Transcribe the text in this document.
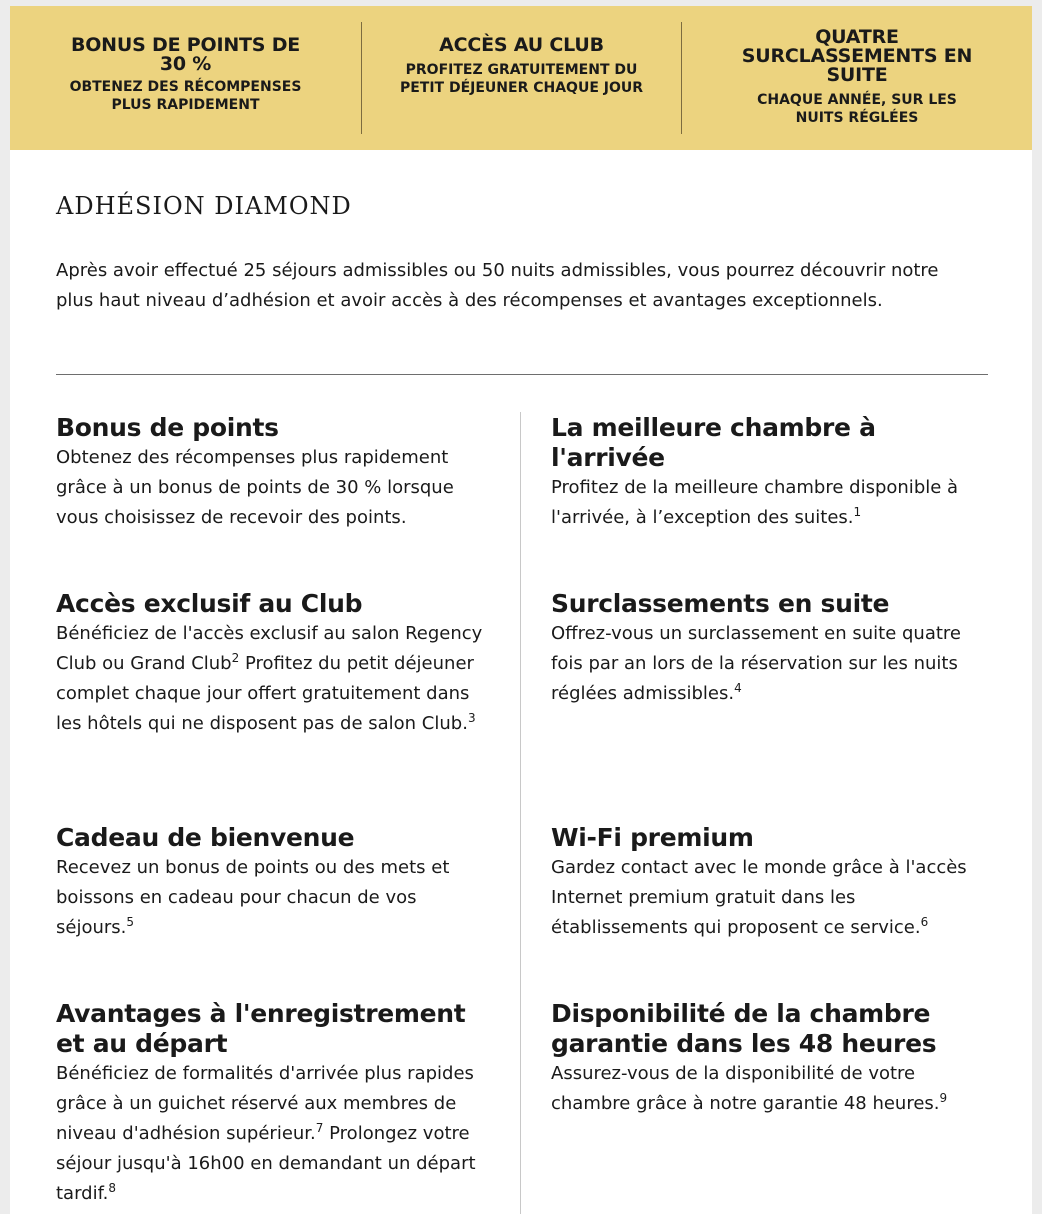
BONUS DE POINTS DE 30 %
OBTENEZ DES RÉCOMPENSES PLUS RAPIDEMENT
ACCÈS AU CLUB
PROFITEZ GRATUITEMENT DU PETIT DÉJEUNER CHAQUE JOUR
QUATRE SURCLASSEMENTS EN SUITE
CHAQUE ANNÉE, SUR LES NUITS RÉGLÉES
ADHÉSION DIAMOND

Après avoir effectué 25 séjours admissibles ou 50 nuits admissibles, vous pourrez découvrir notre plus haut niveau d’adhésion et avoir accès à des récompenses et avantages exceptionnels.

Bonus de points

Obtenez des récompenses plus rapidement grâce à un bonus de points de 30 % lorsque vous choisissez de recevoir des points.

Accès exclusif au Club

Bénéficiez de l'accès exclusif au salon Regency Club ou Grand Club$^2$ Profitez du petit déjeuner complet chaque jour offert gratuitement dans les hôtels qui ne disposent pas de salon Club.$^3$

Cadeau de bienvenue

Recevez un bonus de points ou des mets et boissons en cadeau pour chacun de vos séjours.$^5$

Avantages à l'enregistrement et au départ

Bénéficiez de formalités d'arrivée plus rapides grâce à un guichet réservé aux membres de niveau d'adhésion supérieur.$^7$ Prolongez votre séjour jusqu'à 16h00 en demandant un départ tardif.$^8$

La meilleure chambre à l'arrivée

Profitez de la meilleure chambre disponible à l'arrivée, à l’exception des suites.$^1$

Surclassements en suite

Offrez-vous un surclassement en suite quatre fois par an lors de la réservation sur les nuits réglées admissibles.$^4$

Wi-Fi premium

Gardez contact avec le monde grâce à l'accès Internet premium gratuit dans les établissements qui proposent ce service.$^6$

Disponibilité de la chambre garantie dans les 48 heures

Assurez-vous de la disponibilité de votre chambre grâce à notre garantie 48 heures.$^9$
